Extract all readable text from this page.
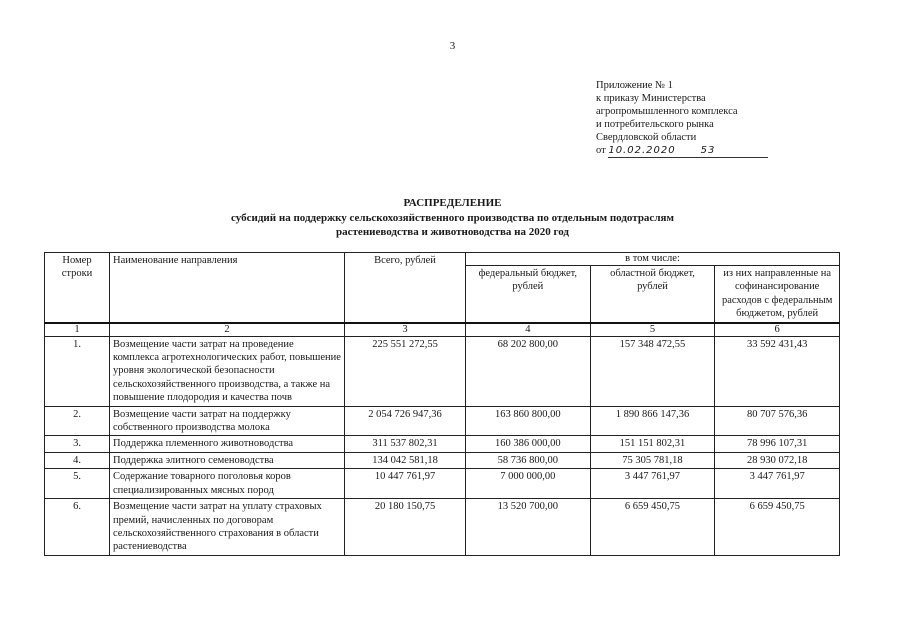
3
Приложение № 1
к приказу Министерства
агропромышленного комплекса
и потребительского рынка
Свердловской области
от 10.02.2020	53
РАСПРЕДЕЛЕНИЕ
субсидий на поддержку сельскохозяйственного производства по отдельным подотраслям
растениеводства и животноводства на 2020 год
Номер строки	Наименование направления	Всего, рублей	в том числе:		
			федеральный бюджет, рублей	областной бюджет, рублей	из них направленные на софинансирование расходов с федеральным бюджетом, рублей
1	2	3	4	5	6
1.	Возмещение части затрат на проведение комплекса агротехнологических работ, повышение уровня экологической безопасности сельскохозяйственного производства, а также на повышение плодородия и качества почв	225 551 272,55	68 202 800,00	157 348 472,55	33 592 431,43
2.	Возмещение части затрат на поддержку собственного производства молока	2 054 726 947,36	163 860 800,00	1 890 866 147,36	80 707 576,36
3.	Поддержка племенного животноводства	311 537 802,31	160 386 000,00	151 151 802,31	78 996 107,31
4.	Поддержка элитного семеноводства	134 042 581,18	58 736 800,00	75 305 781,18	28 930 072,18
5.	Содержание товарного поголовья коров специализированных мясных пород	10 447 761,97	7 000 000,00	3 447 761,97	3 447 761,97
6.	Возмещение части затрат на уплату страховых премий, начисленных по договорам сельскохозяйственного страхования в области растениеводства	20 180 150,75	13 520 700,00	6 659 450,75	6 659 450,75
